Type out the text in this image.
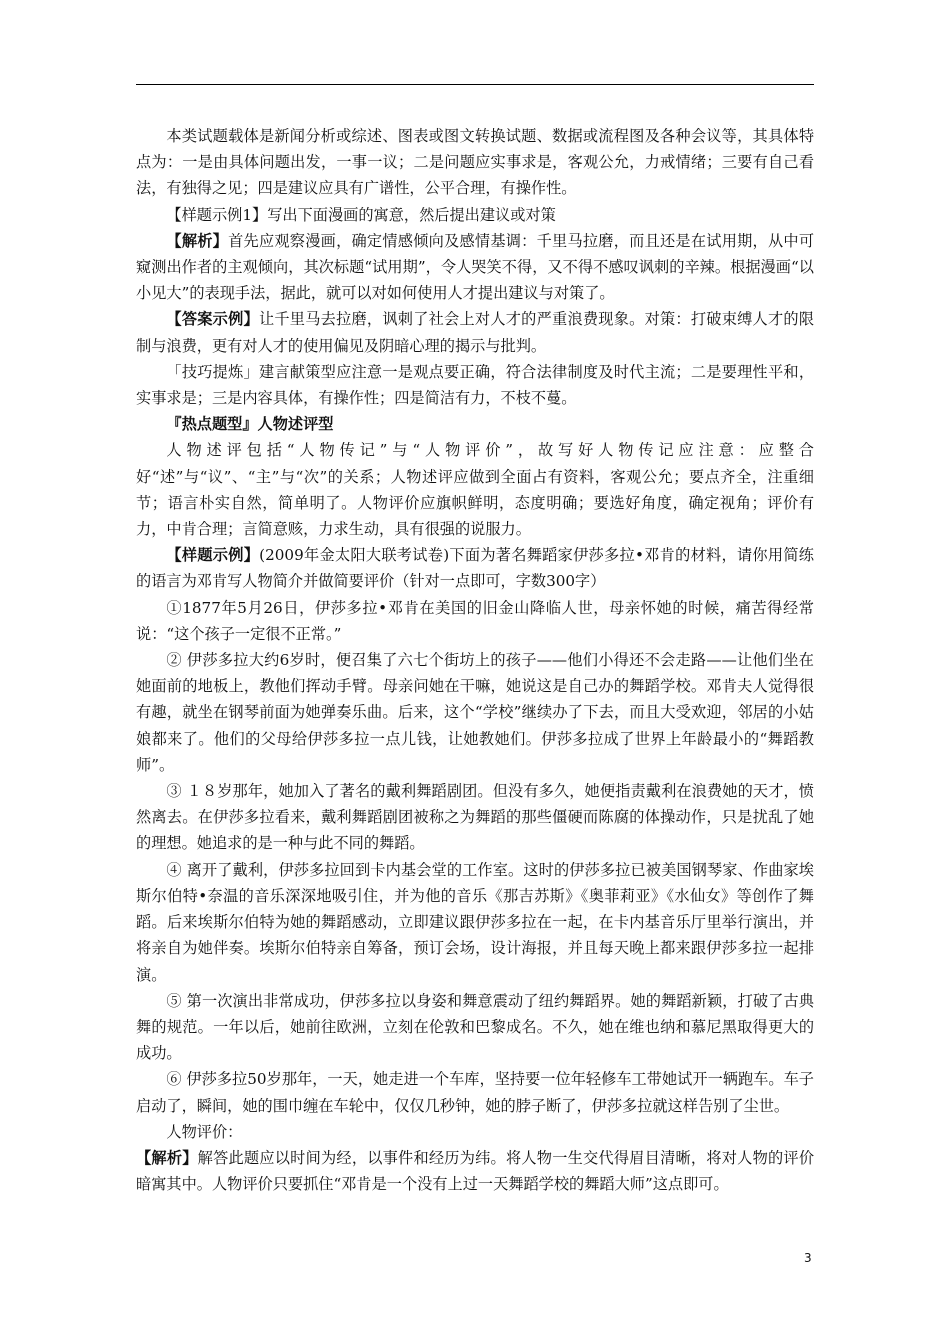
本类试题载体是新闻分析或综述、图表或图文转换试题、数据或流程图及各种会议等，其具体特点为：一是由具体问题出发，一事一议；二是问题应实事求是，客观公允，力戒情绪；三要有自己看法，有独得之见；四是建议应具有广谱性，公平合理，有操作性。

【样题示例1】写出下面漫画的寓意，然后提出建议或对策

【解析】首先应观察漫画，确定情感倾向及感情基调：千里马拉磨，而且还是在试用期，从中可窥测出作者的主观倾向，其次标题“试用期”，令人哭笑不得，又不得不感叹讽刺的辛辣。根据漫画“以小见大”的表现手法，据此，就可以对如何使用人才提出建议与对策了。

【答案示例】让千里马去拉磨，讽刺了社会上对人才的严重浪费现象。对策：打破束缚人才的限制与浪费，更有对人才的使用偏见及阴暗心理的揭示与批判。

「技巧提炼」建言献策型应注意一是观点要正确，符合法律制度及时代主流；二是要理性平和，实事求是；三是内容具体，有操作性；四是简洁有力，不枝不蔓。

『热点题型』人物述评型

人物述评包括“人物传记”与“人物评价”，故写好人物传记应注意：应整合好“述”与“议”、“主”与“次”的关系；人物述评应做到全面占有资料，客观公允；要点齐全，注重细节；语言朴实自然，简单明了。人物评价应旗帜鲜明，态度明确；要选好角度，确定视角；评价有力，中肯合理；言简意赅，力求生动，具有很强的说服力。

【样题示例】(2009年金太阳大联考试卷)下面为著名舞蹈家伊莎多拉•邓肯的材料，请你用简练的语言为邓肯写人物简介并做简要评价（针对一点即可，字数300字）

①1877年5月26日，伊莎多拉•邓肯在美国的旧金山降临人世，母亲怀她的时候，痛苦得经常说：“这个孩子一定很不正常。”

② 伊莎多拉大约6岁时，便召集了六七个街坊上的孩子——他们小得还不会走路——让他们坐在她面前的地板上，教他们挥动手臂。母亲问她在干嘛，她说这是自己办的舞蹈学校。邓肯夫人觉得很有趣，就坐在钢琴前面为她弹奏乐曲。后来，这个“学校”继续办了下去，而且大受欢迎，邻居的小姑娘都来了。他们的父母给伊莎多拉一点儿钱，让她教她们。伊莎多拉成了世界上年龄最小的“舞蹈教师”。

③ １８岁那年，她加入了著名的戴利舞蹈剧团。但没有多久，她便指责戴利在浪费她的天才，愤然离去。在伊莎多拉看来，戴利舞蹈剧团被称之为舞蹈的那些僵硬而陈腐的体操动作，只是扰乱了她的理想。她追求的是一种与此不同的舞蹈。

④ 离开了戴利，伊莎多拉回到卡内基会堂的工作室。这时的伊莎多拉已被美国钢琴家、作曲家埃斯尔伯特•奈温的音乐深深地吸引住，并为他的音乐《那吉苏斯》《奥菲莉亚》《水仙女》等创作了舞蹈。后来埃斯尔伯特为她的舞蹈感动，立即建议跟伊莎多拉在一起，在卡内基音乐厅里举行演出，并将亲自为她伴奏。埃斯尔伯特亲自筹备，预订会场，设计海报，并且每天晚上都来跟伊莎多拉一起排演。

⑤ 第一次演出非常成功，伊莎多拉以身姿和舞意震动了纽约舞蹈界。她的舞蹈新颖，打破了古典舞的规范。一年以后，她前往欧洲，立刻在伦敦和巴黎成名。不久，她在维也纳和慕尼黑取得更大的成功。

⑥ 伊莎多拉50岁那年，一天，她走进一个车库，坚持要一位年轻修车工带她试开一辆跑车。车子启动了，瞬间，她的围巾缠在车轮中，仅仅几秒钟，她的脖子断了，伊莎多拉就这样告别了尘世。

人物评价：

【解析】解答此题应以时间为经，以事件和经历为纬。将人物一生交代得眉目清晰，将对人物的评价暗寓其中。人物评价只要抓住“邓肯是一个没有上过一天舞蹈学校的舞蹈大师”这点即可。

3
